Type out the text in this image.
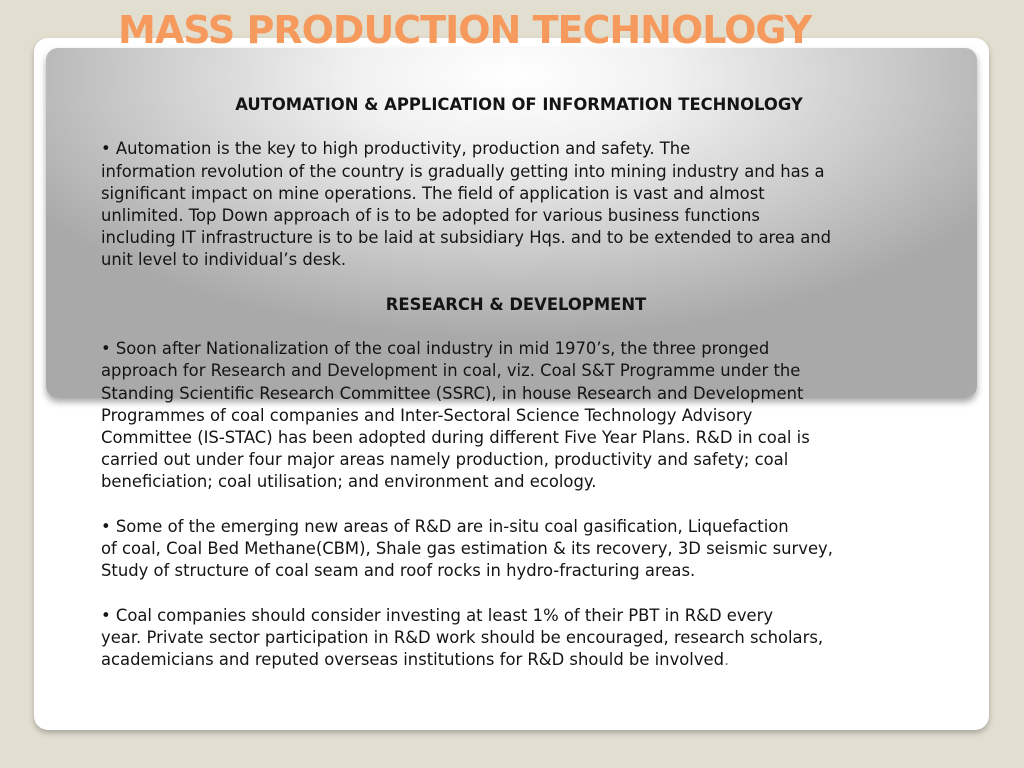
MASS PRODUCTION TECHNOLOGY

AUTOMATION & APPLICATION OF INFORMATION TECHNOLOGY

• Automation is the key to high productivity, production and safety. The
information revolution of the country is gradually getting into mining industry and has a
significant impact on mine operations. The field of application is vast and almost
unlimited. Top Down approach of is to be adopted for various business functions
including IT infrastructure is to be laid at subsidiary Hqs. and to be extended to area and
unit level to individual’s desk.

RESEARCH & DEVELOPMENT

• Soon after Nationalization of the coal industry in mid 1970’s, the three pronged
approach for Research and Development in coal, viz. Coal S&T Programme under the
Standing Scientific Research Committee (SSRC), in house Research and Development
Programmes of coal companies and Inter-Sectoral Science Technology Advisory
Committee (IS-STAC) has been adopted during different Five Year Plans. R&D in coal is
carried out under four major areas namely production, productivity and safety; coal
beneficiation; coal utilisation; and environment and ecology.

• Some of the emerging new areas of R&D are in-situ coal gasification, Liquefaction
of coal, Coal Bed Methane(CBM), Shale gas estimation & its recovery, 3D seismic survey,
Study of structure of coal seam and roof rocks in hydro-fracturing areas.

• Coal companies should consider investing at least 1% of their PBT in R&D every
year. Private sector participation in R&D work should be encouraged, research scholars,
academicians and reputed overseas institutions for R&D should be involved.
